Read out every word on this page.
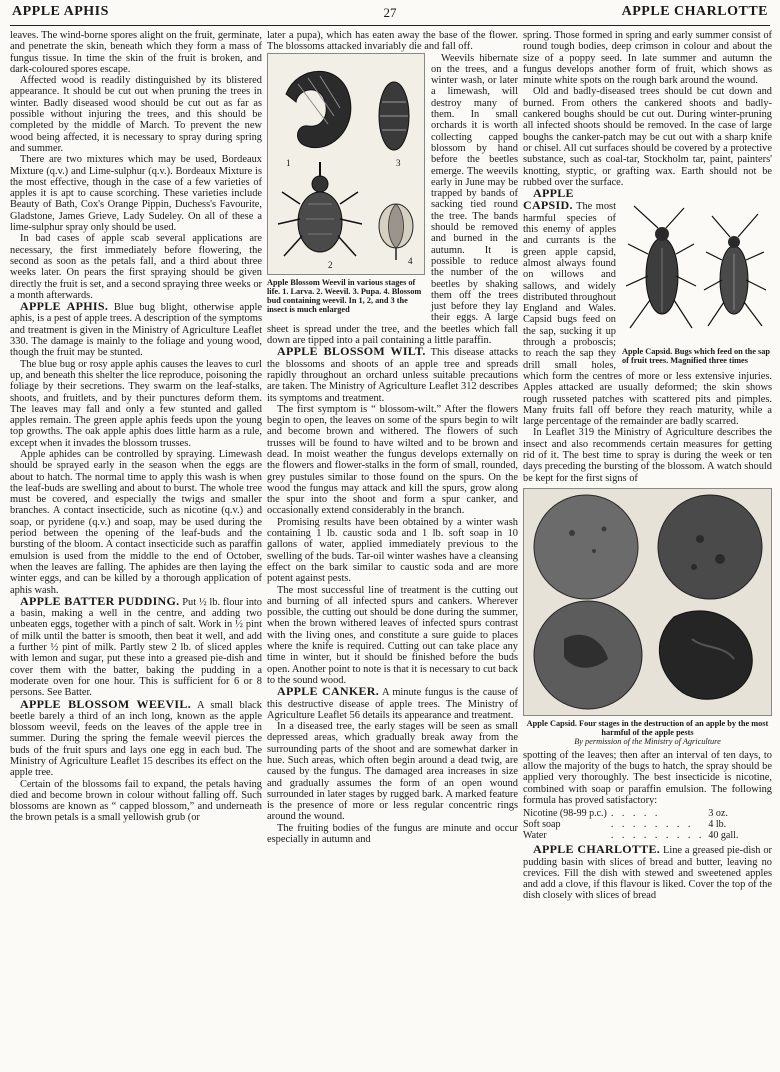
APPLE APHIS	27	APPLE CHARLOTTE

leaves. The wind-borne spores alight on the fruit, germinate, and penetrate the skin, beneath which they form a mass of fungus tissue. In time the skin of the fruit is broken, and dark-coloured spores escape.

Affected wood is readily distinguished by its blistered appearance. It should be cut out when pruning the trees in winter. Badly diseased wood should be cut out as far as possible without injuring the trees, and this should be completed by the middle of March. To prevent the new wood being affected, it is necessary to spray during spring and summer.

There are two mixtures which may be used, Bordeaux Mixture (q.v.) and Lime-sulphur (q.v.). Bordeaux Mixture is the most effective, though in the case of a few varieties of apples it is apt to cause scorching. These varieties include Beauty of Bath, Cox's Orange Pippin, Duchess's Favourite, Gladstone, James Grieve, Lady Sudeley. On all of these a lime-sulphur spray only should be used.

In bad cases of apple scab several applications are necessary, the first immediately before flowering, the second as soon as the petals fall, and a third about three weeks later. On pears the first spraying should be given directly the fruit is set, and a second spraying three weeks or a month afterwards.

APPLE APHIS. Blue bug blight, otherwise apple aphis, is a pest of apple trees. A description of the symptoms and treatment is given in the Ministry of Agriculture Leaflet 330. The damage is mainly to the foliage and young wood, though the fruit may be stunted.

The blue bug or rosy apple aphis causes the leaves to curl up, and beneath this shelter the lice reproduce, poisoning the foliage by their secretions. They swarm on the leaf-stalks, shoots, and fruitlets, and by their punctures deform them. The leaves may fall and only a few stunted and galled apples remain. The green apple aphis feeds upon the young top growths. The oak apple aphis does little harm as a rule, except when it invades the blossom trusses.

Apple aphides can be controlled by spraying. Limewash should be sprayed early in the season when the eggs are about to hatch. The normal time to apply this wash is when the leaf-buds are swelling and about to burst. The whole tree must be covered, and especially the twigs and smaller branches. A contact insecticide, such as nicotine (q.v.) and soap, or pyridene (q.v.) and soap, may be used during the period between the opening of the leaf-buds and the bursting of the bloom. A contact insecticide such as paraffin emulsion is used from the middle to the end of October, when the leaves are falling. The aphides are then laying the winter eggs, and can be killed by a thorough application of aphis wash.

APPLE BATTER PUDDING. Put ½ lb. flour into a basin, making a well in the centre, and adding two unbeaten eggs, together with a pinch of salt. Work in ½ pint of milk until the batter is smooth, then beat it well, and add a further ½ pint of milk. Partly stew 2 lb. of sliced apples with lemon and sugar, put these into a greased pie-dish and cover them with the batter, baking the pudding in a moderate oven for one hour. This is sufficient for 6 or 8 persons. See Batter.

APPLE BLOSSOM WEEVIL. A small black beetle barely a third of an inch long, known as the apple blossom weevil, feeds on the leaves of the apple tree in summer. During the spring the female weevil pierces the buds of the fruit spurs and lays one egg in each bud. The Ministry of Agriculture Leaflet 15 describes its effect on the apple tree.

Certain of the blossoms fail to expand, the petals having died and become brown in colour without falling off. Such blossoms are known as “ capped blossom,” and underneath the brown petals is a small yellowish grub (or

later a pupa), which has eaten away the base of the flower. The blossoms attacked invariably die and fall off.

1	3
2	4
Apple Blossom Weevil in various stages of life. 1. Larva. 2. Weevil. 3. Pupa. 4. Blossom bud containing weevil. In 1, 2, and 3 the insect is much enlarged

Weevils hibernate on the trees, and a winter wash, or later a limewash, will destroy many of them. In small orchards it is worth collecting capped blossom by hand before the beetles emerge. The weevils early in June may be trapped by bands of sacking tied round the tree. The bands should be removed and burned in the autumn. It is possible to reduce the number of the beetles by shaking them off the trees just before they lay their eggs. A large sheet is spread under the tree, and the beetles which fall down are tipped into a pail containing a little paraffin.

APPLE BLOSSOM WILT. This disease attacks the blossoms and shoots of an apple tree and spreads rapidly throughout an orchard unless suitable precautions are taken. The Ministry of Agriculture Leaflet 312 describes its symptoms and treatment.

The first symptom is “ blossom-wilt.” After the flowers begin to open, the leaves on some of the spurs begin to wilt and become brown and withered. The flowers of such trusses will be found to have wilted and to be brown and dead. In moist weather the fungus develops externally on the flowers and flower-stalks in the form of small, rounded, grey pustules similar to those found on the spurs. On the wood the fungus may attack and kill the spurs, grow along the spur into the shoot and form a spur canker, and occasionally extend considerably in the branch.

Promising results have been obtained by a winter wash containing 1 lb. caustic soda and 1 lb. soft soap in 10 gallons of water, applied immediately previous to the swelling of the buds. Tar-oil winter washes have a cleansing effect on the bark similar to caustic soda and are more potent against pests.

The most successful line of treatment is the cutting out and burning of all infected spurs and cankers. Wherever possible, the cutting out should be done during the summer, when the brown withered leaves of infected spurs contrast with the living ones, and constitute a sure guide to places where the knife is required. Cutting out can take place any time in winter, but it should be finished before the buds open. Another point to note is that it is necessary to cut back to the sound wood.

APPLE CANKER. A minute fungus is the cause of this destructive disease of apple trees. The Ministry of Agriculture Leaflet 56 details its appearance and treatment.

In a diseased tree, the early stages will be seen as small depressed areas, which gradually break away from the surrounding parts of the shoot and are somewhat darker in hue. Such areas, which often begin around a dead twig, are caused by the fungus. The damaged area increases in size and gradually assumes the form of an open wound surrounded in later stages by rugged bark. A marked feature is the presence of more or less regular concentric rings around the wound.

The fruiting bodies of the fungus are minute and occur especially in autumn and

spring. Those formed in spring and early summer consist of round tough bodies, deep crimson in colour and about the size of a poppy seed. In late summer and autumn the fungus develops another form of fruit, which shows as minute white spots on the rough bark around the wound.

Old and badly-diseased trees should be cut down and burned. From others the cankered shoots and badly-cankered boughs should be cut out. During winter-pruning all infected shoots should be removed. In the case of large boughs the canker-patch may be cut out with a sharp knife or chisel. All cut surfaces should be covered by a protective substance, such as coal-tar, Stockholm tar, paint, painters' knotting, styptic, or grafting wax. Earth should not be rubbed over the surface.

Apple Capsid. Bugs which feed on the sap of fruit trees. Magnified three times

APPLE CAPSID. The most harmful species of this enemy of apples and currants is the green apple capsid, almost always found on willows and sallows, and widely distributed throughout England and Wales. Capsid bugs feed on the sap, sucking it up through a proboscis; to reach the sap they drill small holes, which form the centres of more or less extensive injuries. Apples attacked are usually deformed; the skin shows rough russeted patches with scattered pits and pimples. Many fruits fall off before they reach maturity, while a large percentage of the remainder are badly scarred.

In Leaflet 319 the Ministry of Agriculture describes the insect and also recommends certain measures for getting rid of it. The best time to spray is during the week or ten days preceding the bursting of the blossom. A watch should be kept for the first signs of

Apple Capsid. Four stages in the destruction of an apple by the most harmful of the apple pests
By permission of the Ministry of Agriculture

spotting of the leaves; then after an interval of ten days, to allow the majority of the bugs to hatch, the spray should be applied very thoroughly. The best insecticide is nicotine, combined with soap or paraffin emulsion. The following formula has proved satisfactory:

Nicotine (98-99 p.c.)	. . . . .	3 oz.
Soft soap	. . . . . . . .	4 lb.
Water	. . . . . . . . .	40 gall.

APPLE CHARLOTTE. Line a greased pie-dish or pudding basin with slices of bread and butter, leaving no crevices. Fill the dish with stewed and sweetened apples and add a clove, if this flavour is liked. Cover the top of the dish closely with slices of bread
